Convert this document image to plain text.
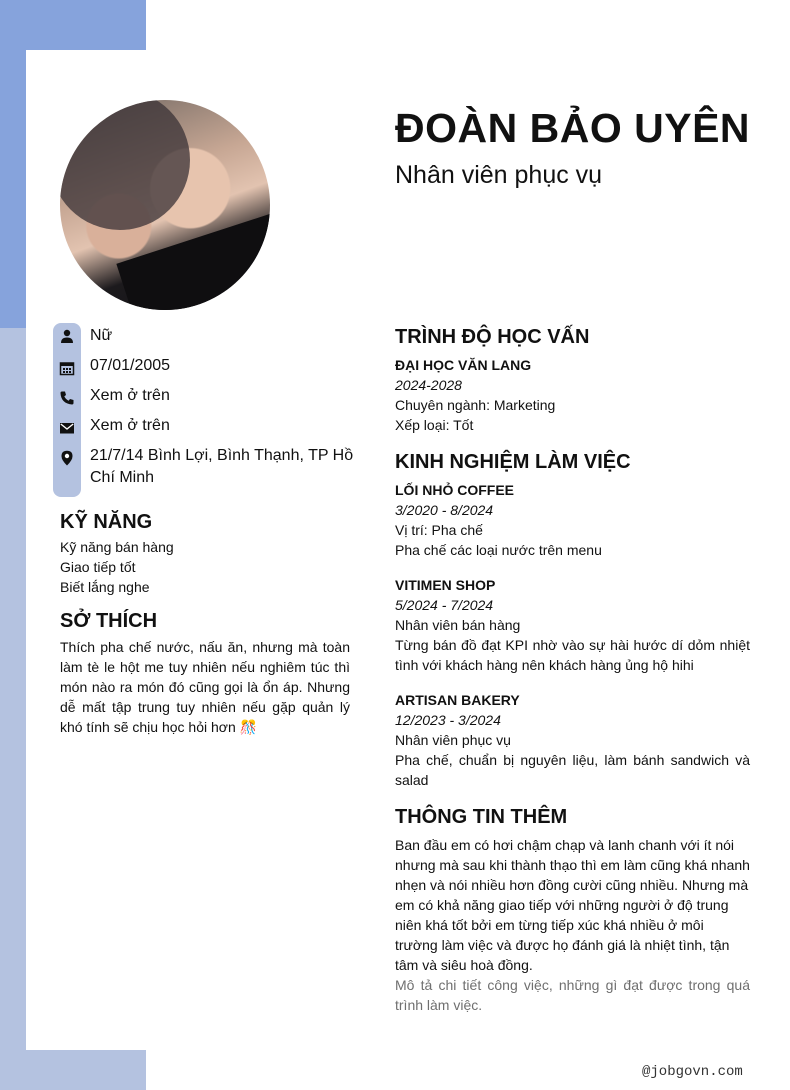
ĐOÀN BẢO UYÊN

Nhân viên phục vụ

Nữ
07/01/2005
Xem ở trên
Xem ở trên
21/7/14 Bình Lợi, Bình Thạnh, TP Hồ
Chí Minh
KỸ NĂNG

Kỹ năng bán hàng

Giao tiếp tốt

Biết lắng nghe

SỞ THÍCH

Thích pha chế nước, nấu ăn, nhưng mà toàn làm tè le hột me tuy nhiên nếu nghiêm túc thì món nào ra món đó cũng gọi là ổn áp. Nhưng dễ mất tập trung tuy nhiên nếu gặp quản lý khó tính sẽ chịu học hỏi hơn 🎊

TRÌNH ĐỘ HỌC VẤN

ĐẠI HỌC VĂN LANG

2024-2028

Chuyên ngành: Marketing

Xếp loại: Tốt

KINH NGHIỆM LÀM VIỆC

LỐI NHỎ COFFEE

3/2020 - 8/2024

Vị trí: Pha chế

Pha chế các loại nước trên menu

VITIMEN SHOP

5/2024 - 7/2024

Nhân viên bán hàng

Từng bán đồ đạt KPI nhờ vào sự hài hước dí dỏm nhiệt tình với khách hàng nên khách hàng ủng hộ hihi

ARTISAN BAKERY

12/2023 - 3/2024

Nhân viên phục vụ

Pha chế, chuẩn bị nguyên liệu, làm bánh sandwich và salad

THÔNG TIN THÊM

Ban đầu em có hơi chậm chạp và lanh chanh với ít nói nhưng mà sau khi thành thạo thì em làm cũng khá nhanh nhẹn và nói nhiều hơn đồng cười cũng nhiều. Nhưng mà em có khả năng giao tiếp với những người ở độ trung niên khá tốt bởi em từng tiếp xúc khá nhiều ở môi trường làm việc và được họ đánh giá là nhiệt tình, tận tâm và siêu hoà đồng.

Mô tả chi tiết công việc, những gì đạt được trong quá trình làm việc.

@jobgovn.com
